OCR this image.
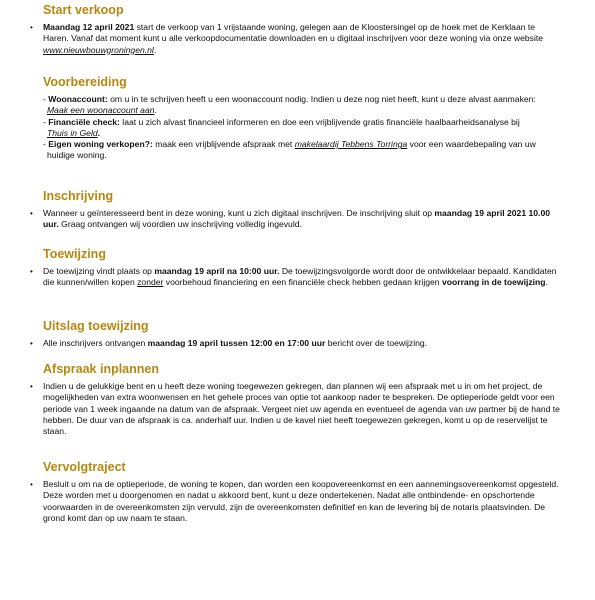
Start verkoop
• Maandag 12 april 2021 start de verkoop van 1 vrijstaande woning, gelegen aan de Kloostersingel op de hoek met de Kerklaan te Haren. Vanaf dat moment kunt u alle verkoopdocumentatie downloaden en u digitaal inschrijven voor deze woning via onze website www.nieuwbouwgroningen.nl.
Voorbereiding
- Woonaccount: om u in te schrijven heeft u een woonaccount nodig. Indien u deze nog niet heeft, kunt u deze alvast aanmaken: Maak een woonaccount aan.
- Financiële check: laat u zich alvast financieel informeren en doe een vrijblijvende gratis financiële haalbaarheidsanalyse bij Thuis in Geld.
- Eigen woning verkopen?: maak een vrijblijvende afspraak met makelaardij Tebbens Torringa voor een waardebepaling van uw huidige woning.
Inschrijving
• Wanneer u geïnteresseerd bent in deze woning, kunt u zich digitaal inschrijven. De inschrijving sluit op maandag 19 april 2021 10.00 uur. Graag ontvangen wij voordien uw inschrijving volledig ingevuld.
Toewijzing
• De toewijzing vindt plaats op maandag 19 april na 10:00 uur. De toewijzingsvolgorde wordt door de ontwikkelaar bepaald. Kandidaten die kunnen/willen kopen zonder voorbehoud financiering en een financiële check hebben gedaan krijgen voorrang in de toewijzing.
Uitslag toewijzing
• Alle inschrijvers ontvangen maandag 19 april tussen 12:00 en 17:00 uur bericht over de toewijzing.
Afspraak inplannen
• Indien u de gelukkige bent en u heeft deze woning toegewezen gekregen, dan plannen wij een afspraak met u in om het project, de mogelijkheden van extra woonwensen en het gehele proces van optie tot aankoop nader te bespreken. De optieperiode geldt voor een periode van 1 week ingaande na datum van de afspraak. Vergeet niet uw agenda en eventueel de agenda van uw partner bij de hand te hebben. De duur van de afspraak is ca. anderhalf uur. Indien u de kavel niet heeft toegewezen gekregen, komt u op de reservelijst te staan.
Vervolgtraject
• Besluit u om na de optieperiode, de woning te kopen, dan worden een koopovereenkomst en een aannemingsovereenkomst opgesteld. Deze worden met u doorgenomen en nadat u akkoord bent, kunt u deze ondertekenen. Nadat alle ontbindende- en opschortende voorwaarden in de overeenkomsten zijn vervuld, zijn de overeenkomsten definitief en kan de levering bij de notaris plaatsvinden. De grond komt dan op uw naam te staan.
